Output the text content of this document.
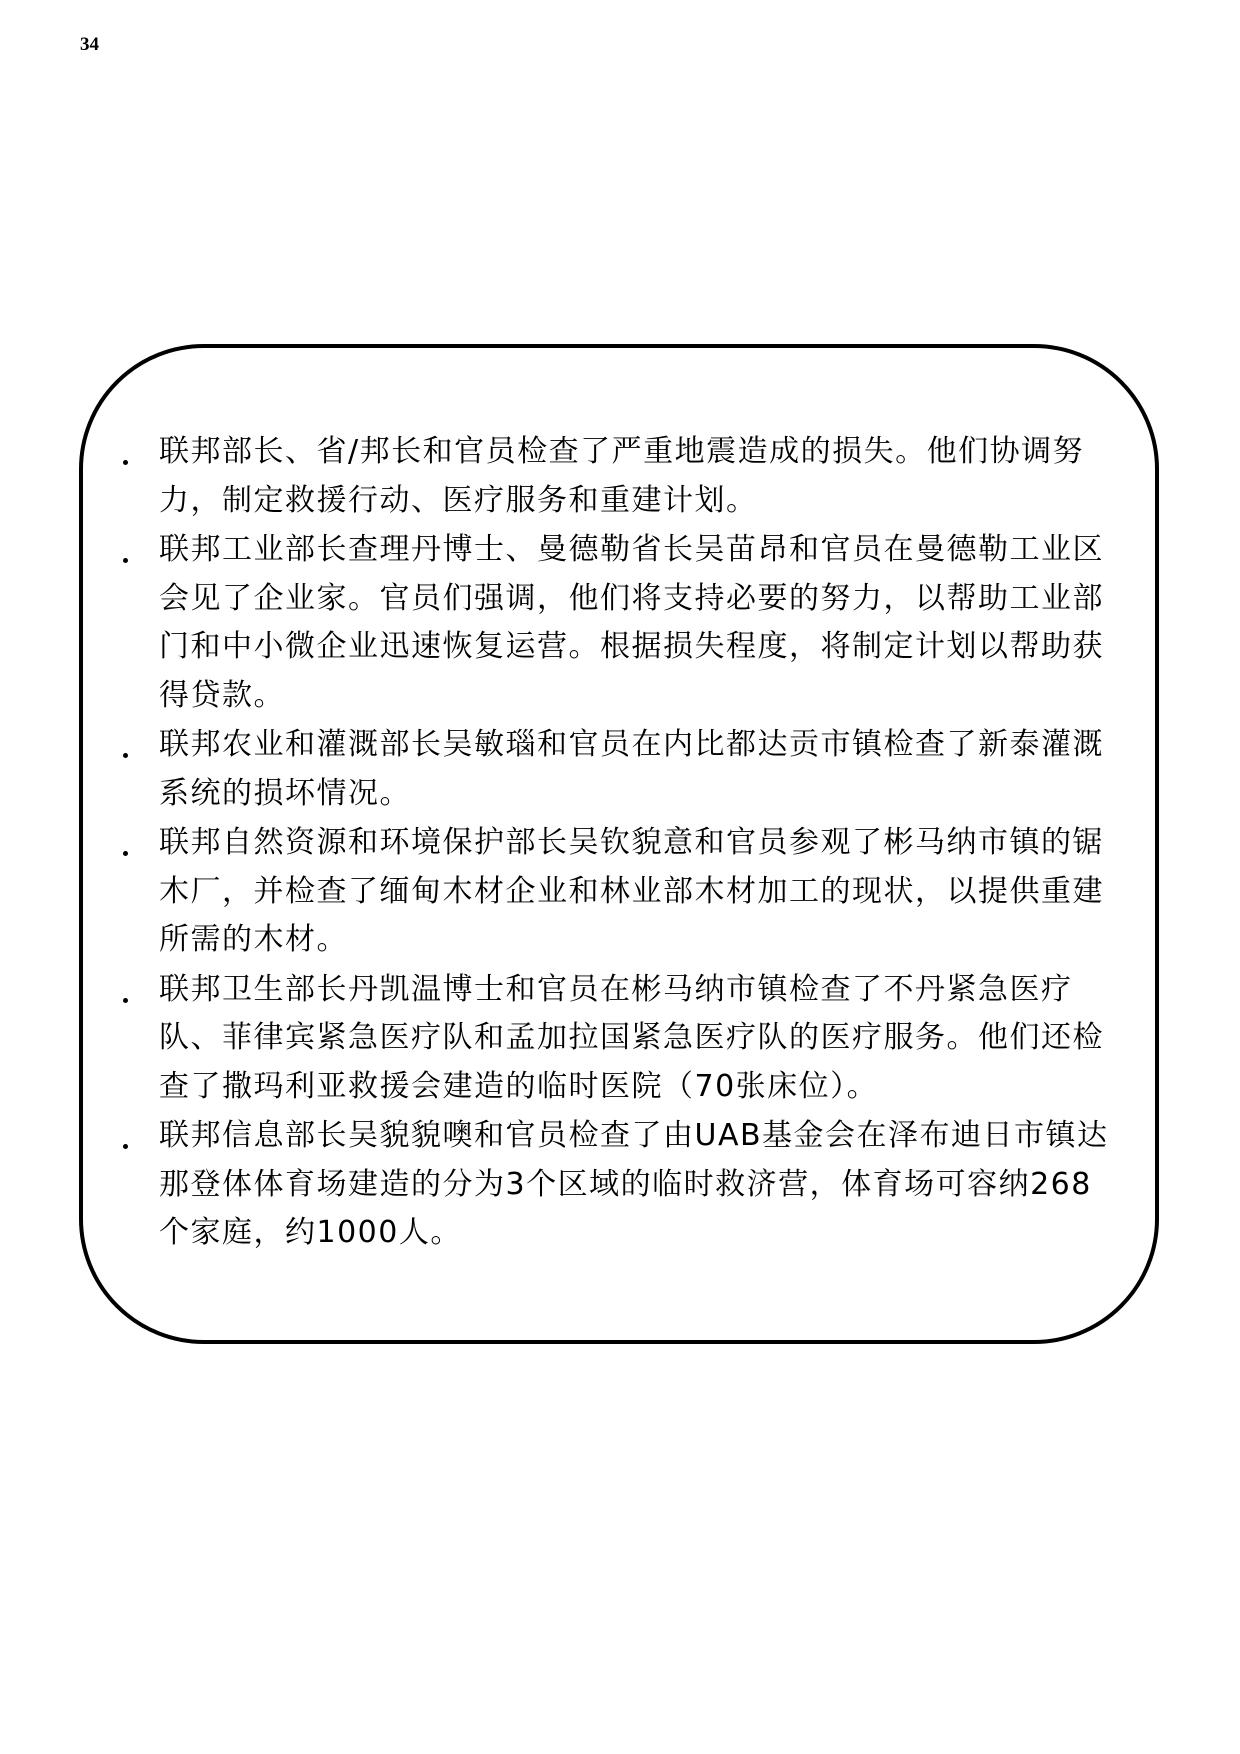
34
联邦部长、省/邦长和官员检查了严重地震造成的损失。他们协调努力，制定救援行动、医疗服务和重建计划。
联邦工业部长查理丹博士、曼德勒省长吴苗昂和官员在曼德勒工业区会见了企业家。官员们强调，他们将支持必要的努力，以帮助工业部门和中小微企业迅速恢复运营。根据损失程度，将制定计划以帮助获得贷款。
联邦农业和灌溉部长吴敏瑙和官员在内比都达贡市镇检查了新泰灌溉系统的损坏情况。
联邦自然资源和环境保护部长吴钦貌意和官员参观了彬马纳市镇的锯木厂，并检查了缅甸木材企业和林业部木材加工的现状，以提供重建所需的木材。
联邦卫生部长丹凯温博士和官员在彬马纳市镇检查了不丹紧急医疗队、菲律宾紧急医疗队和孟加拉国紧急医疗队的医疗服务。他们还检查了撒玛利亚救援会建造的临时医院（70张床位）。
联邦信息部长吴貌貌噢和官员检查了由UAB基金会在泽布迪日市镇达那登体体育场建造的分为3个区域的临时救济营，体育场可容纳268个家庭，约1000人。
